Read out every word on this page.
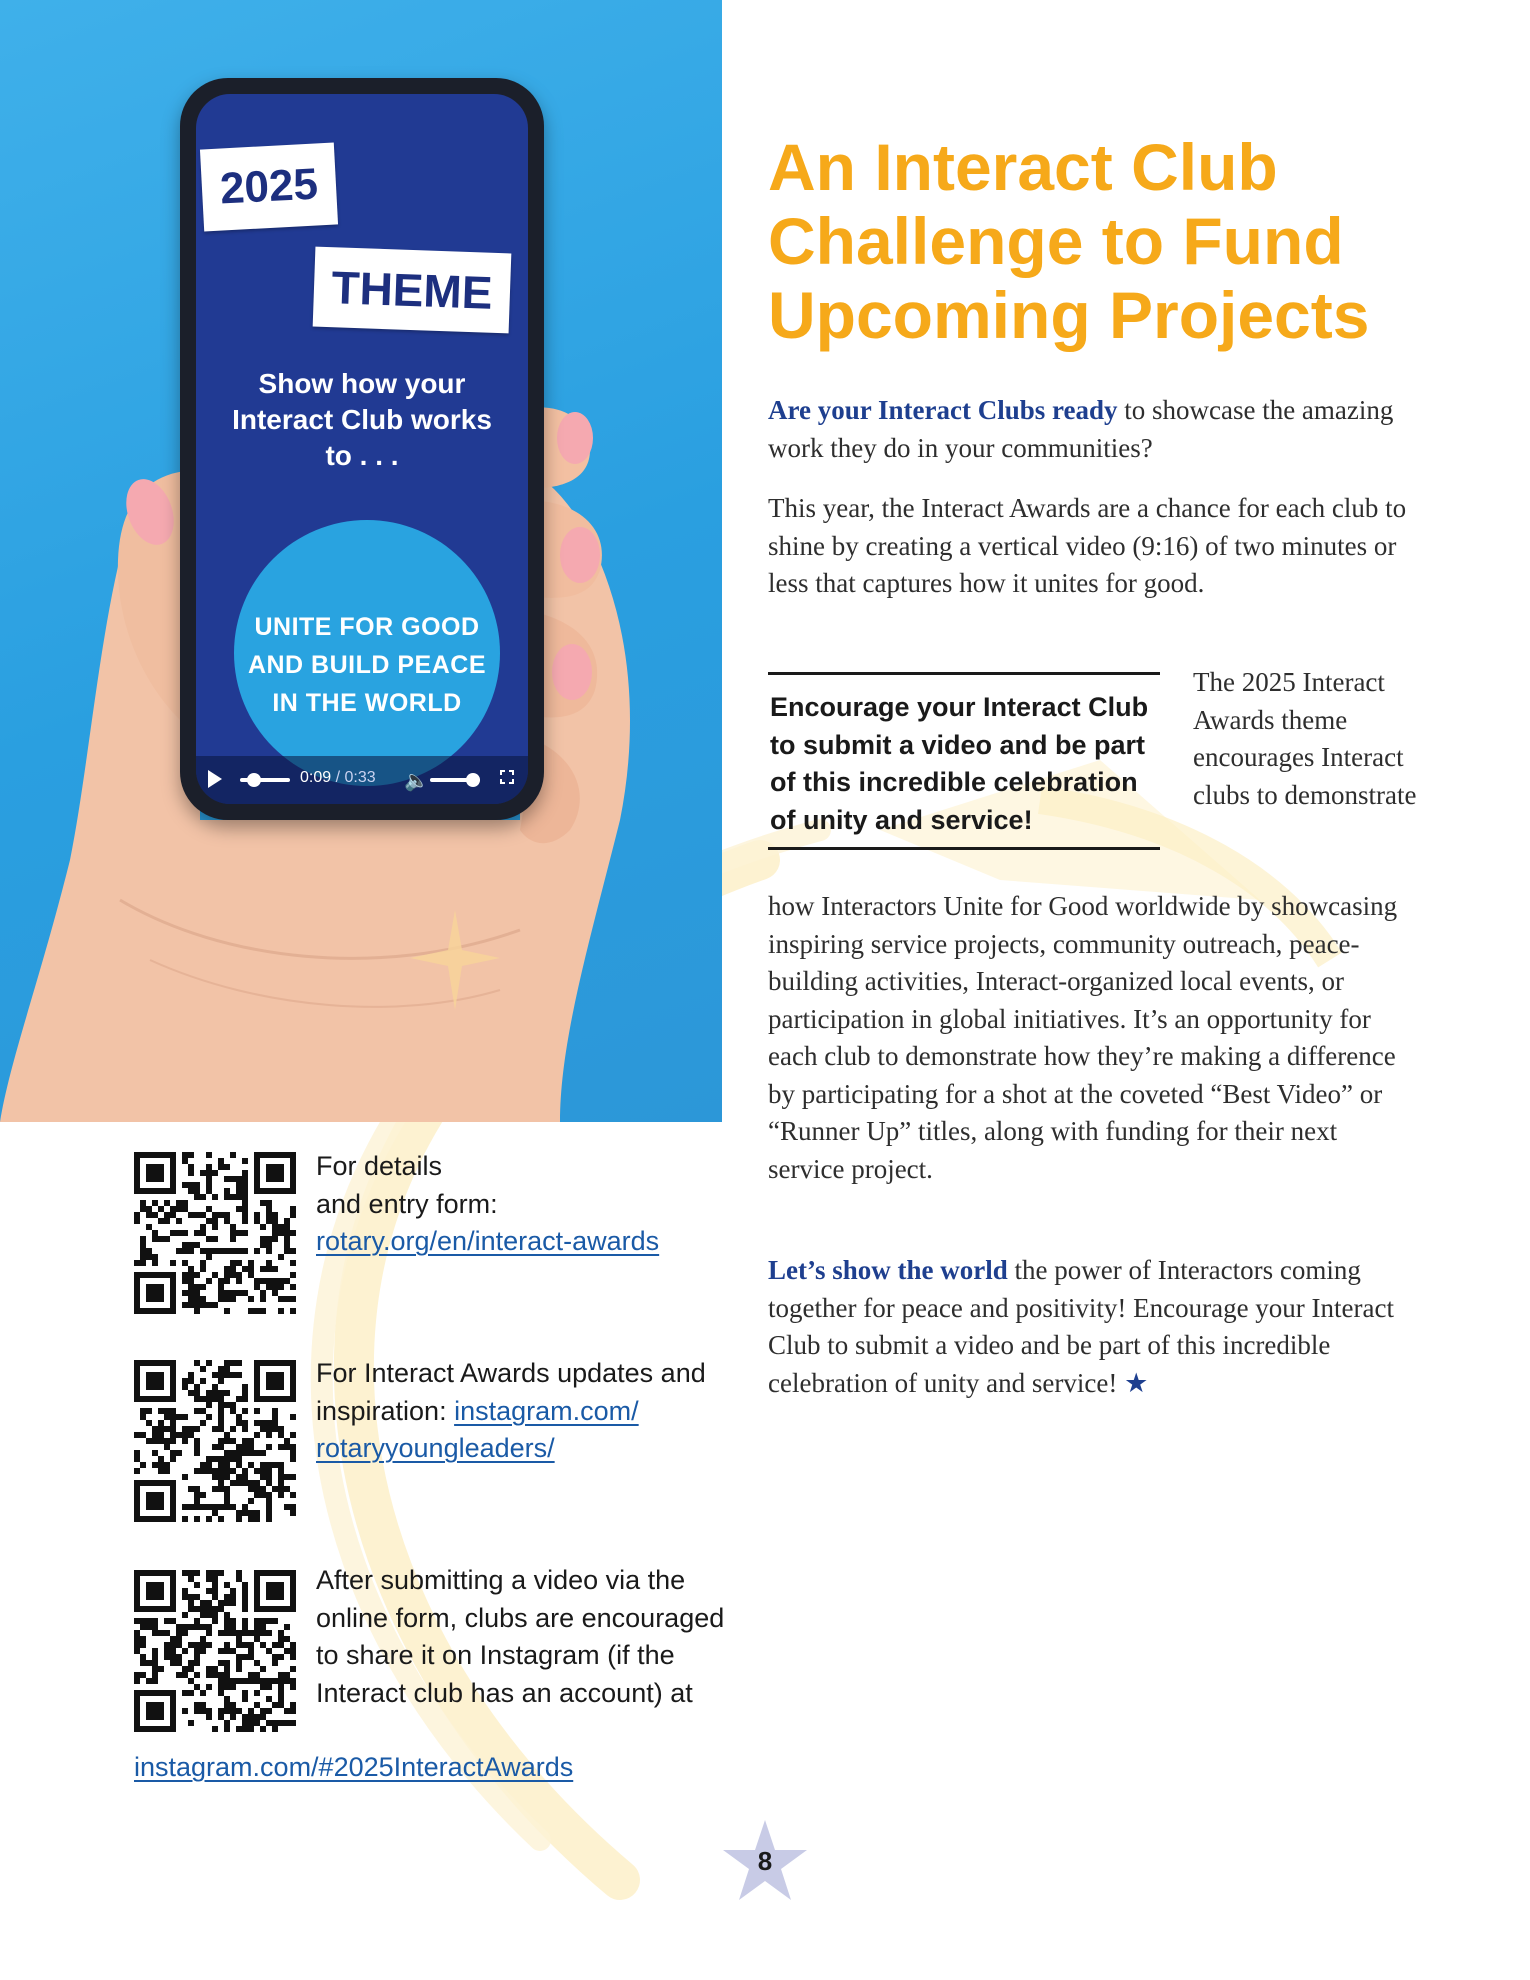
2025
THEME
Show how your Interact Club works to . . .
UNITE FOR GOOD AND BUILD PEACE IN THE WORLD
0:09 / 0:33 🔈
An Interact Club Challenge to Fund Upcoming Projects

Are your Interact Clubs ready to showcase the amazing work they do in your communities?

This year, the Interact Awards are a chance for each club to shine by creating a vertical video (9:16) of two minutes or less that captures how it unites for good.

Encourage your Interact Club to submit a video and be part of this incredible celebration of unity and service!

The 2025 Interact Awards theme encourages Interact clubs to demonstrate

how Interactors Unite for Good worldwide by showcasing inspiring service projects, community outreach, peace-building activities, Interact-organized local events, or participation in global initiatives. It’s an opportunity for each club to demonstrate how they’re making a difference by participating for a shot at the coveted “Best Video” or “Runner Up” titles, along with funding for their next service project.

Let’s show the world the power of Interactors coming together for peace and positivity! Encourage your Interact Club to submit a video and be part of this incredible celebration of unity and service! ★

For details
and entry form:
rotary.org/en/interact-awards
For Interact Awards updates and inspiration: instagram.com/
rotaryyoungleaders/
After submitting a video via the online form, clubs are encouraged to share it on Instagram (if the Interact club has an account) at
instagram.com/#2025InteractAwards
8
